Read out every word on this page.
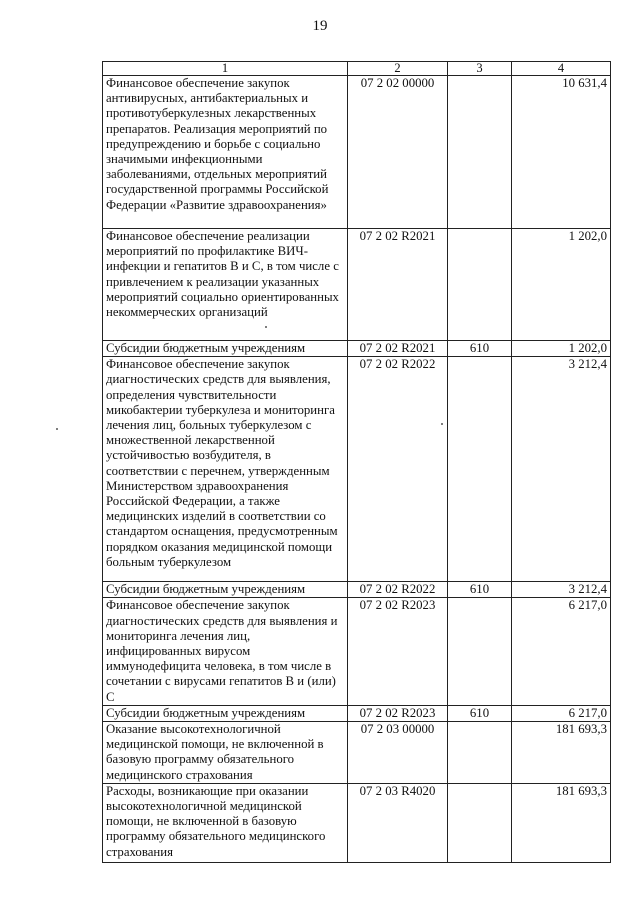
19
1	2	3	4
Финансовое обеспечение закупок антивирусных, антибактериальных и противотуберкулезных лекарственных препаратов. Реализация мероприятий по предупреждению и борьбе с социально значимыми инфекционными заболеваниями, отдельных мероприятий государственной программы Российской Федерации «Развитие здравоохранения»	07 2 02 00000		10 631,4
Финансовое обеспечение реализации мероприятий по профилактике ВИЧ-инфекции и гепатитов В и С, в том числе с привлечением к реализации указанных мероприятий социально ориентированных некоммерческих организаций	07 2 02 R2021		1 202,0
Субсидии бюджетным учреждениям	07 2 02 R2021	610	1 202,0
Финансовое обеспечение закупок диагностических средств для выявления, определения чувствительности микобактерии туберкулеза и мониторинга лечения лиц, больных туберкулезом с множественной лекарственной устойчивостью возбудителя, в соответствии с перечнем, утвержденным Министерством здравоохранения Российской Федерации, а также медицинских изделий в соответствии со стандартом оснащения, предусмотренным порядком оказания медицинской помощи больным туберкулезом	07 2 02 R2022		3 212,4
Субсидии бюджетным учреждениям	07 2 02 R2022	610	3 212,4
Финансовое обеспечение закупок диагностических средств для выявления и мониторинга лечения лиц, инфицированных вирусом иммунодефицита человека, в том числе в сочетании с вирусами гепатитов В и (или) С	07 2 02 R2023		6 217,0
Субсидии бюджетным учреждениям	07 2 02 R2023	610	6 217,0
Оказание высокотехнологичной медицинской помощи, не включенной в базовую программу обязательного медицинского страхования	07 2 03 00000		181 693,3
Расходы, возникающие при оказании высокотехнологичной медицинской помощи, не включенной в базовую программу обязательного медицинского страхования	07 2 03 R4020		181 693,3
